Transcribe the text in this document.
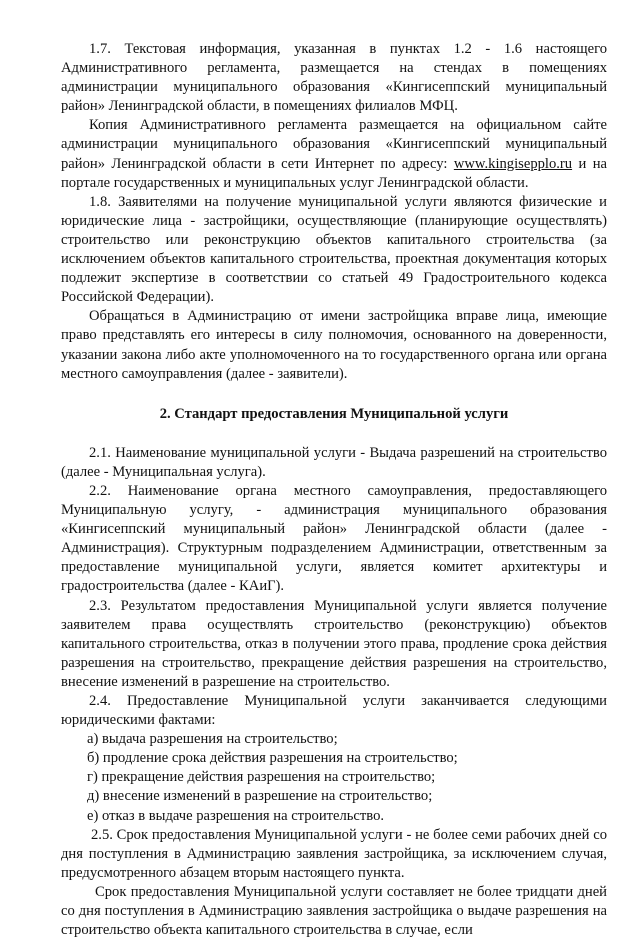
1.7. Текстовая информация, указанная в пунктах 1.2 - 1.6 настоящего Административного регламента, размещается на стендах в помещениях администрации муниципального образования «Кингисеппский муниципальный район» Ленинградской области, в помещениях филиалов МФЦ.

Копия Административного регламента размещается на официальном сайте администрации муниципального образования «Кингисеппский муниципальный район» Ленинградской области в сети Интернет по адресу: www.kingisepplo.ru и на портале государственных и муниципальных услуг Ленинградской области.

1.8. Заявителями на получение муниципальной услуги являются физические и юридические лица - застройщики, осуществляющие (планирующие осуществлять) строительство или реконструкцию объектов капитального строительства (за исключением объектов капитального строительства, проектная документация которых подлежит экспертизе в соответствии со статьей 49 Градостроительного кодекса Российской Федерации).

Обращаться в Администрацию от имени застройщика вправе лица, имеющие право представлять его интересы в силу полномочия, основанного на доверенности, указании закона либо акте уполномоченного на то государственного органа или органа местного самоуправления (далее - заявители).

2. Стандарт предоставления Муниципальной услуги

2.1. Наименование муниципальной услуги - Выдача разрешений на строительство (далее - Муниципальная услуга).

2.2. Наименование органа местного самоуправления, предоставляющего Муниципальную услугу, - администрация муниципального образования «Кингисеппский муниципальный район» Ленинградской области (далее - Администрация). Структурным подразделением Администрации, ответственным за предоставление муниципальной услуги, является комитет архитектуры и градостроительства (далее - КАиГ).

2.3. Результатом предоставления Муниципальной услуги является получение заявителем права осуществлять строительство (реконструкцию) объектов капитального строительства, отказ в получении этого права, продление срока действия разрешения на строительство, прекращение действия разрешения на строительство, внесение изменений в разрешение на строительство.

2.4. Предоставление Муниципальной услуги заканчивается следующими юридическими фактами:

а) выдача разрешения на строительство;

б) продление срока действия разрешения на строительство;

г) прекращение действия разрешения на строительство;

д) внесение изменений в разрешение на строительство;

е) отказ в выдаче разрешения на строительство.

2.5. Срок предоставления Муниципальной услуги - не более семи рабочих дней со дня поступления в Администрацию заявления застройщика, за исключением случая, предусмотренного абзацем вторым настоящего пункта.

Срок предоставления Муниципальной услуги составляет не более тридцати дней со дня поступления в Администрацию заявления застройщика о выдаче разрешения на строительство объекта капитального строительства в случае, если
